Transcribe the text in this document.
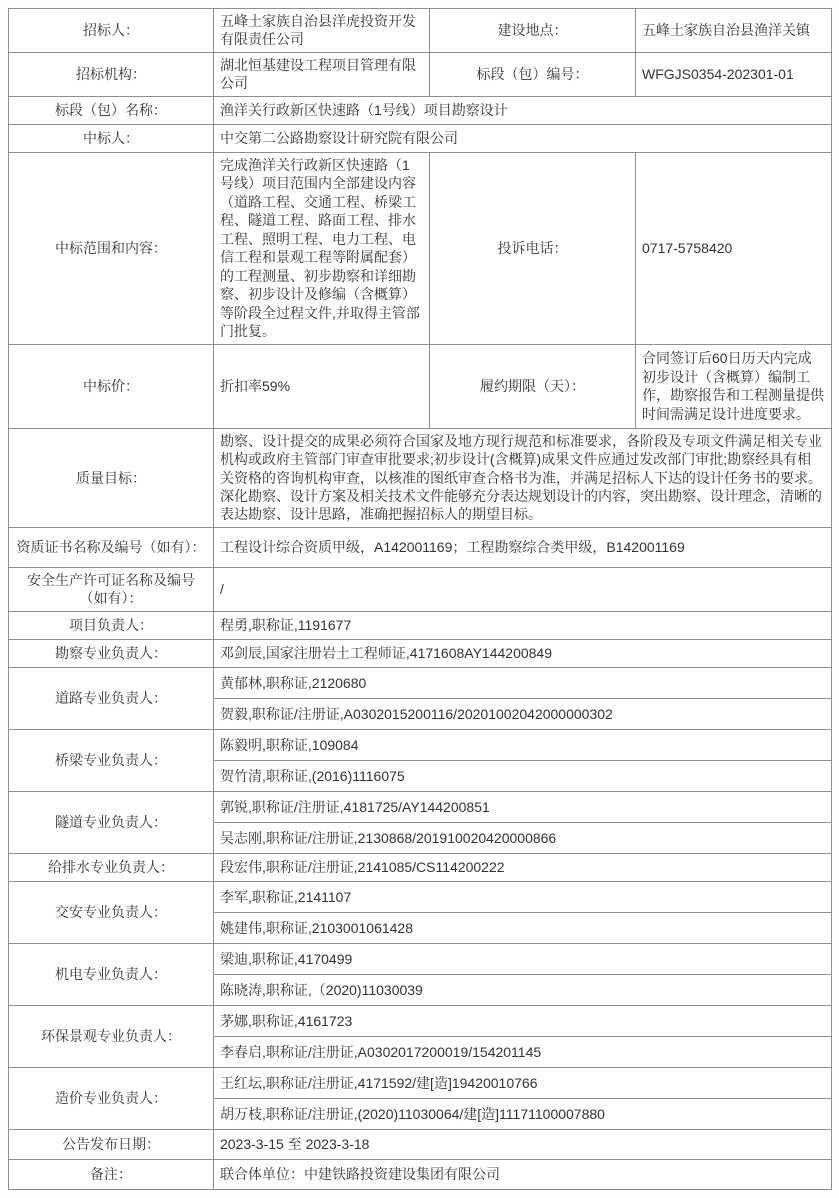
招标人：	五峰土家族自治县洋虎投资开发有限责任公司	建设地点：	五峰土家族自治县渔洋关镇
招标机构：	湖北恒基建设工程项目管理有限公司	标段（包）编号：	WFGJS0354-202301-01
标段（包）名称：	渔洋关行政新区快速路（1号线）项目勘察设计		
中标人：	中交第二公路勘察设计研究院有限公司		
中标范围和内容：	完成渔洋关行政新区快速路（1号线）项目范围内全部建设内容（道路工程、交通工程、桥梁工程、隧道工程、路面工程、排水工程、照明工程、电力工程、电信工程和景观工程等附属配套）的工程测量、初步勘察和详细勘察、初步设计及修编（含概算）等阶段全过程文件,并取得主管部门批复。	投诉电话：	0717-5758420
中标价：	折扣率59%	履约期限（天）：	合同签订后60日历天内完成初步设计（含概算）编制工作，勘察报告和工程测量提供时间需满足设计进度要求。
质量目标：	勘察、设计提交的成果必须符合国家及地方现行规范和标准要求，各阶段及专项文件满足相关专业机构或政府主管部门审查审批要求;初步设计(含概算)成果文件应通过发改部门审批;勘察经具有相关资格的咨询机构审查，以核准的图纸审查合格书为准，并满足招标人下达的设计任务书的要求。深化勘察、设计方案及相关技术文件能够充分表达规划设计的内容，突出勘察、设计理念，清晰的表达勘察、设计思路，准确把握招标人的期望目标。		
资质证书名称及编号（如有）：	工程设计综合资质甲级，A142001169；工程勘察综合类甲级，B142001169		
安全生产许可证名称及编号（如有）：	/		
项目负责人：	程勇,职称证,1191677		
勘察专业负责人：	邓剑辰,国家注册岩土工程师证,4171608AY144200849		
道路专业负责人：	黄郁林,职称证,2120680		
	贺毅,职称证/注册证,A0302015200116/20201002042000000302		
桥梁专业负责人：	陈毅明,职称证,109084		
	贺竹清,职称证,(2016)1116075		
隧道专业负责人：	郭锐,职称证/注册证,4181725/AY144200851		
	吴志刚,职称证/注册证,2130868/201910020420000866		
给排水专业负责人：	段宏伟,职称证/注册证,2141085/CS114200222		
交安专业负责人：	李军,职称证,2141107		
	姚建伟,职称证,2103001061428		
机电专业负责人：	梁迪,职称证,4170499		
	陈晓涛,职称证,（2020)11030039		
环保景观专业负责人：	茅娜,职称证,4161723		
	李春启,职称证/注册证,A0302017200019/154201145		
造价专业负责人：	王红坛,职称证/注册证,4171592/建[造]19420010766		
	胡万枝,职称证/注册证,(2020)11030064/建[造]11171100007880		
公告发布日期：	2023-3-15 至 2023-3-18		
备注：	联合体单位：中建铁路投资建设集团有限公司		
